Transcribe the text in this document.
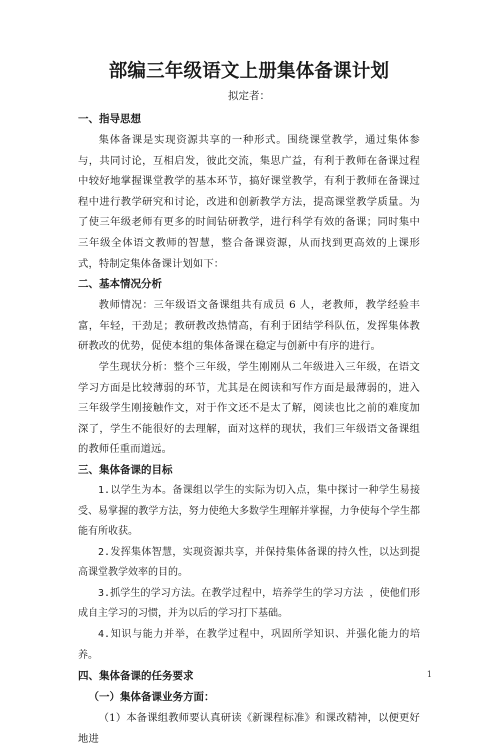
部编三年级语文上册集体备课计划
拟定者：
一、指导思想

集体备课是实现资源共享的一种形式。围绕课堂教学，通过集体参与，共同讨论，互相启发，彼此交流，集思广益，有利于教师在备课过程中较好地掌握课堂教学的基本环节，搞好课堂教学，有利于教师在备课过程中进行教学研究和讨论，改进和创新教学方法，提高课堂教学质量。为了使三年级老师有更多的时间钻研教学，进行科学有效的备课；同时集中三年级全体语文教师的智慧，整合备课资源，从而找到更高效的上课形式，特制定集体备课计划如下：

二、基本情况分析

教师情况：三年级语文备课组共有成员 6 人，老教师，教学经验丰富，年轻，干劲足；教研教改热情高，有利于团结学科队伍，发挥集体教研教改的优势，促使本组的集体备课在稳定与创新中有序的进行。

学生现状分析：整个三年级，学生刚刚从二年级进入三年级，在语文学习方面是比较薄弱的环节，尤其是在阅读和写作方面是最薄弱的，进入三年级学生刚接触作文，对于作文还不是太了解，阅读也比之前的难度加深了，学生不能很好的去理解，面对这样的现状，我们三年级语文备课组的教师任重而道远。

三、集体备课的目标

1.以学生为本。备课组以学生的实际为切入点，集中探讨一种学生易接受、易掌握的教学方法，努力使绝大多数学生理解并掌握，力争使每个学生都能有所收获。

2.发挥集体智慧，实现资源共享，并保持集体备课的持久性，以达到提高课堂教学效率的目的。

3.抓学生的学习方法。在教学过程中，培养学生的学习方法 ，使他们形成自主学习的习惯，并为以后的学习打下基础。

4.知识与能力并举，在教学过程中，巩固所学知识、并强化能力的培养。

四、集体备课的任务要求
（一）集体备课业务方面：

（1）本备课组教师要认真研读《新课程标准》和课改精神，以便更好地进

1
